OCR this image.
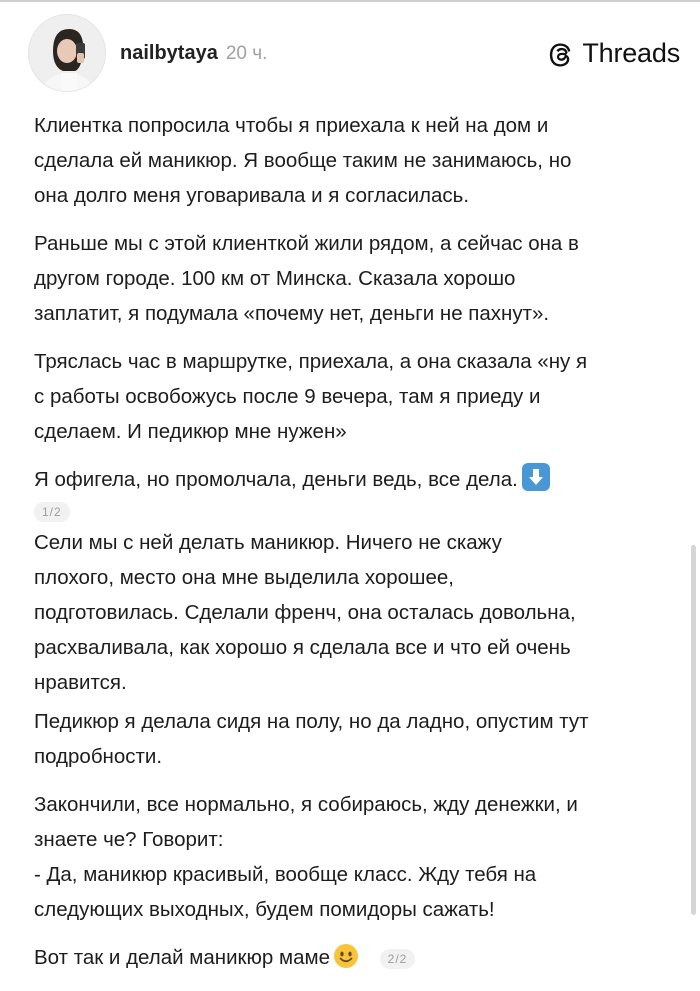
nailbytaya 20 ч.	Threads
Клиентка попросила чтобы я приехала к ней на дом и
сделала ей маникюр. Я вообще таким не занимаюсь, но
она долго меня уговаривала и я согласилась.
Раньше мы с этой клиенткой жили рядом, а сейчас она в
другом городе. 100 км от Минска. Сказала хорошо
заплатит, я подумала «почему нет, деньги не пахнут».
Тряслась час в маршрутке, приехала, а она сказала «ну я
с работы освобожусь после 9 вечера, там я приеду и
сделаем. И педикюр мне нужен»
Я офигела, но промолчала, деньги ведь, все дела.
1/2
Сели мы с ней делать маникюр. Ничего не скажу
плохого, место она мне выделила хорошее,
подготовилась. Сделали френч, она осталась довольна,
расхваливала, как хорошо я сделала все и что ей очень
нравится.
Педикюр я делала сидя на полу, но да ладно, опустим тут
подробности.
Закончили, все нормально, я собираюсь, жду денежки, и
знаете че? Говорит:
- Да, маникюр красивый, вообще класс. Жду тебя на
следующих выходных, будем помидоры сажать!
Вот так и делай маникюр маме	2/2
